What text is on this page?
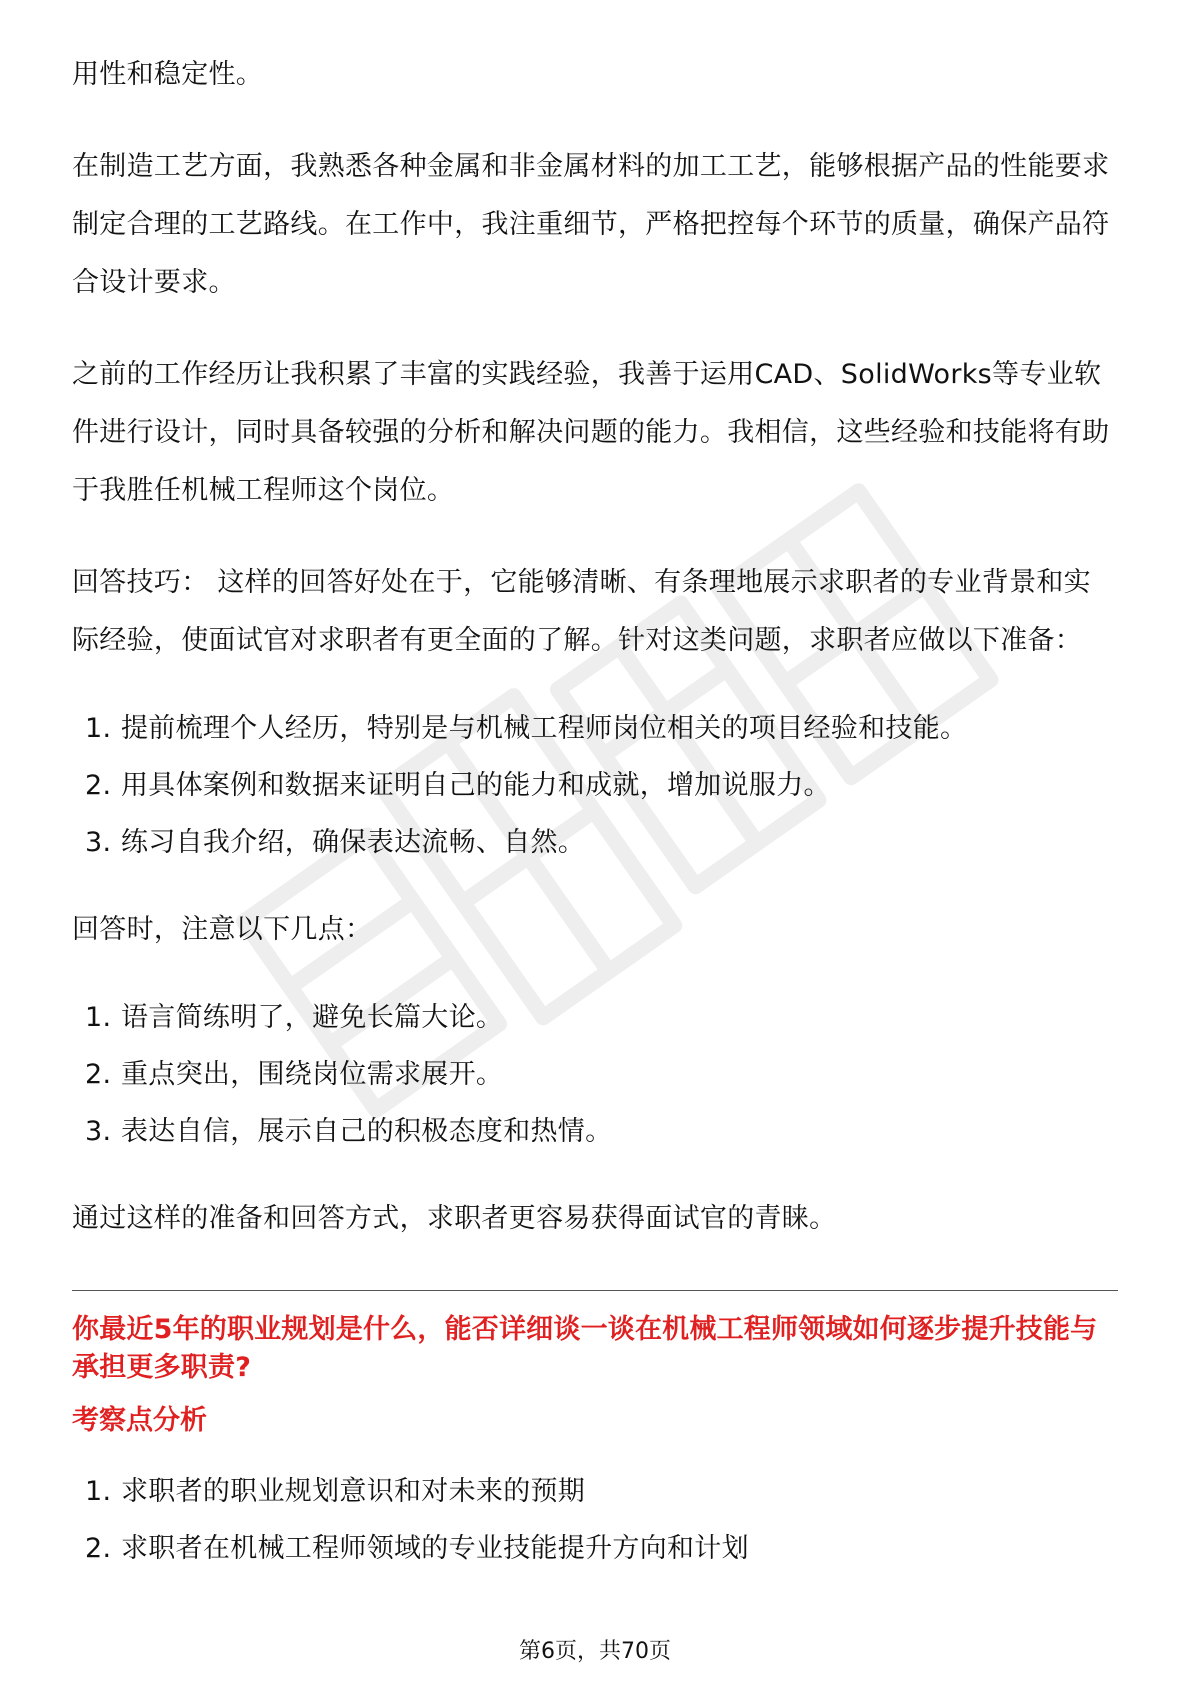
用性和稳定性。

在制造工艺方面，我熟悉各种金属和非金属材料的加工工艺，能够根据产品的性能要求制定合理的工艺路线。在工作中，我注重细节，严格把控每个环节的质量，确保产品符合设计要求。

之前的工作经历让我积累了丰富的实践经验，我善于运用CAD、SolidWorks等专业软件进行设计，同时具备较强的分析和解决问题的能力。我相信，这些经验和技能将有助于我胜任机械工程师这个岗位。

回答技巧： 这样的回答好处在于，它能够清晰、有条理地展示求职者的专业背景和实际经验，使面试官对求职者有更全面的了解。针对这类问题，求职者应做以下准备：

1. 提前梳理个人经历，特别是与机械工程师岗位相关的项目经验和技能。
2. 用具体案例和数据来证明自己的能力和成就，增加说服力。
3. 练习自我介绍，确保表达流畅、自然。

回答时，注意以下几点：

1. 语言简练明了，避免长篇大论。
2. 重点突出，围绕岗位需求展开。
3. 表达自信，展示自己的积极态度和热情。

通过这样的准备和回答方式，求职者更容易获得面试官的青睐。

你最近5年的职业规划是什么，能否详细谈一谈在机械工程师领域如何逐步提升技能与承担更多职责?

考察点分析

1. 求职者的职业规划意识和对未来的预期
2. 求职者在机械工程师领域的专业技能提升方向和计划
第6页，共70页
